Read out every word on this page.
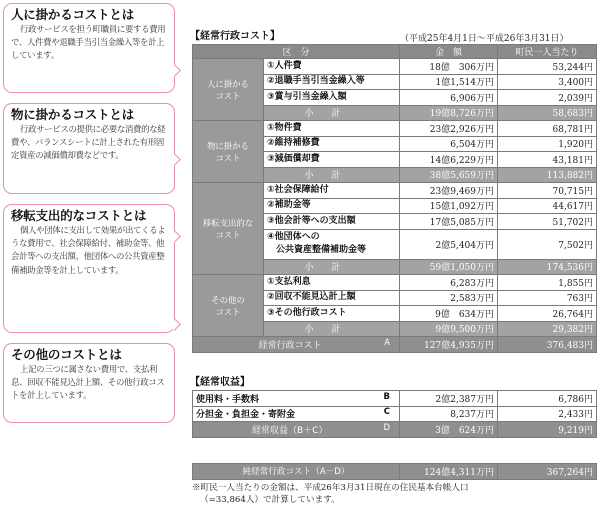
人に掛かるコストとは

行政サービスを担う町職員に要する費用で、人件費や退職手当引当金繰入等を計上しています。

物に掛かるコストとは

行政サービスの提供に必要な消費的な経費や、バランスシートに計上された有形固定資産の減価償却費などです。

移転支出的なコストとは

個人や団体に支出して効果が出てくるような費用で、社会保障給付、補助金等、他会計等への支出額、他団体への公共資産整備補助金等を計上しています。

その他のコストとは

上記の三つに属さない費用で、支払利息、回収不能見込計上額、その他行政コストを計上しています。

【経常行政コスト】	（平成25年4月1日～平成26年3月31日）
区　分		金　額	町民一人当たり
人に掛かる
コスト	①人件費	18億　306万円	53,244円
	②退職手当引当金繰入等	1億1,514万円	3,400円
	③賞与引当金繰入額	6,906万円	2,039円
	小計	19億8,726万円	58,683円
物に掛かる
コスト	①物件費	23億2,926万円	68,781円
	②維持補修費	6,504万円	1,920円
	③減価償却費	14億6,229万円	43,181円
	小計	38億5,659万円	113,882円
移転支出的な
コスト	①社会保障給付	23億9,469万円	70,715円
	②補助金等	15億1,092万円	44,617円
	③他会計等への支出額	17億5,085万円	51,702円
	④他団体への
　公共資産整備補助金等	2億5,404万円	7,502円
	小計	59億1,050万円	174,536円
その他の
コスト	①支払利息	6,283万円	1,855円
	②回収不能見込計上額	2,583万円	763円
	③その他行政コスト	9億　634万円	26,764円
	小計	9億9,500万円	29,382円
経常行政コスト A		127億4,935万円	376,483円
【経常収益】
使用料・手数料 B	2億2,387万円	6,786円
分担金・負担金・寄附金 C	8,237万円	2,433円
経常収益（B＋C） D	3億　624万円	9,219円
純経常行政コスト（A－D）	124億4,311万円	367,264円
※町民一人当たりの金額は、平成26年3月31日現在の住民基本台帳人口
（=33,864人）で計算しています。
